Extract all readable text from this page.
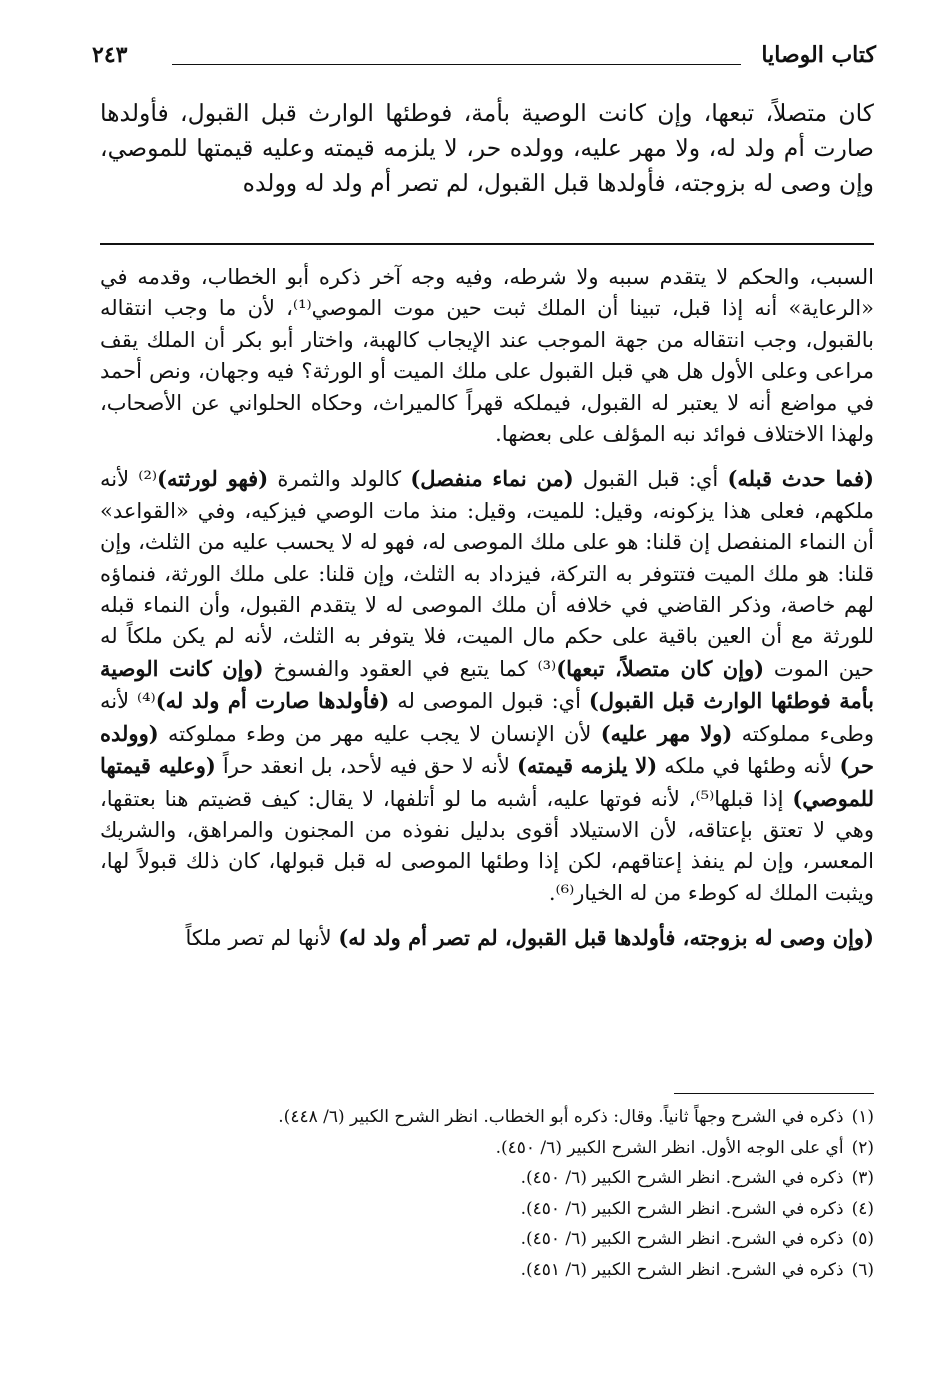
كتاب الوصايا
٢٤٣
كان متصلاً، تبعها، وإن كانت الوصية بأمة، فوطئها الوارث قبل القبول، فأولدها صارت أم ولد له، ولا مهر عليه، وولده حر، لا يلزمه قيمته وعليه قيمتها للموصي، وإن وصى له بزوجته، فأولدها قبل القبول، لم تصر أم ولد له وولده

السبب، والحكم لا يتقدم سببه ولا شرطه، وفيه وجه آخر ذكره أبو الخطاب، وقدمه في «الرعاية» أنه إذا قبل، تبينا أن الملك ثبت حين موت الموصي⁽¹⁾، لأن ما وجب انتقاله بالقبول، وجب انتقاله من جهة الموجب عند الإيجاب كالهبة، واختار أبو بكر أن الملك يقف مراعى وعلى الأول هل هي قبل القبول على ملك الميت أو الورثة؟ فيه وجهان، ونص أحمد في مواضع أنه لا يعتبر له القبول، فيملكه قهراً كالميراث، وحكاه الحلواني عن الأصحاب، ولهذا الاختلاف فوائد نبه المؤلف على بعضها.

(فما حدث قبله) أي: قبل القبول (من نماء منفصل) كالولد والثمرة (فهو لورثته)⁽²⁾ لأنه ملكهم، فعلى هذا يزكونه، وقيل: للميت، وقيل: منذ مات الوصي فيزكيه، وفي «القواعد» أن النماء المنفصل إن قلنا: هو على ملك الموصى له، فهو له لا يحسب عليه من الثلث، وإن قلنا: هو ملك الميت فتتوفر به التركة، فيزداد به الثلث، وإن قلنا: على ملك الورثة، فنماؤه لهم خاصة، وذكر القاضي في خلافه أن ملك الموصى له لا يتقدم القبول، وأن النماء قبله للورثة مع أن العين باقية على حكم مال الميت، فلا يتوفر به الثلث، لأنه لم يكن ملكاً له حين الموت (وإن كان متصلاً، تبعها)⁽³⁾ كما يتبع في العقود والفسوخ (وإن كانت الوصية بأمة فوطئها الوارث قبل القبول) أي: قبول الموصى له (فأولدها صارت أم ولد له)⁽⁴⁾ لأنه وطىء مملوكته (ولا مهر عليه) لأن الإنسان لا يجب عليه مهر من وطء مملوكته (وولده حر) لأنه وطئها في ملكه (لا يلزمه قيمته) لأنه لا حق فيه لأحد، بل انعقد حراً (وعليه قيمتها للموصي) إذا قبلها⁽⁵⁾، لأنه فوتها عليه، أشبه ما لو أتلفها، لا يقال: كيف قضيتم هنا بعتقها، وهي لا تعتق بإعتاقه، لأن الاستيلاد أقوى بدليل نفوذه من المجنون والمراهق، والشريك المعسر، وإن لم ينفذ إعتاقهم، لكن إذا وطئها الموصى له قبل قبولها، كان ذلك قبولاً لها، ويثبت الملك له كوطء من له الخيار⁽⁶⁾.

(وإن وصى له بزوجته، فأولدها قبل القبول، لم تصر أم ولد له) لأنها لم تصر ملكاً

(١)ذكره في الشرح وجهاً ثانياً. وقال: ذكره أبو الخطاب. انظر الشرح الكبير (٦/ ٤٤٨).
(٢)أي على الوجه الأول. انظر الشرح الكبير (٦/ ٤٥٠).
(٣)ذكره في الشرح. انظر الشرح الكبير (٦/ ٤٥٠).
(٤)ذكره في الشرح. انظر الشرح الكبير (٦/ ٤٥٠).
(٥)ذكره في الشرح. انظر الشرح الكبير (٦/ ٤٥٠).
(٦)ذكره في الشرح. انظر الشرح الكبير (٦/ ٤٥١).
